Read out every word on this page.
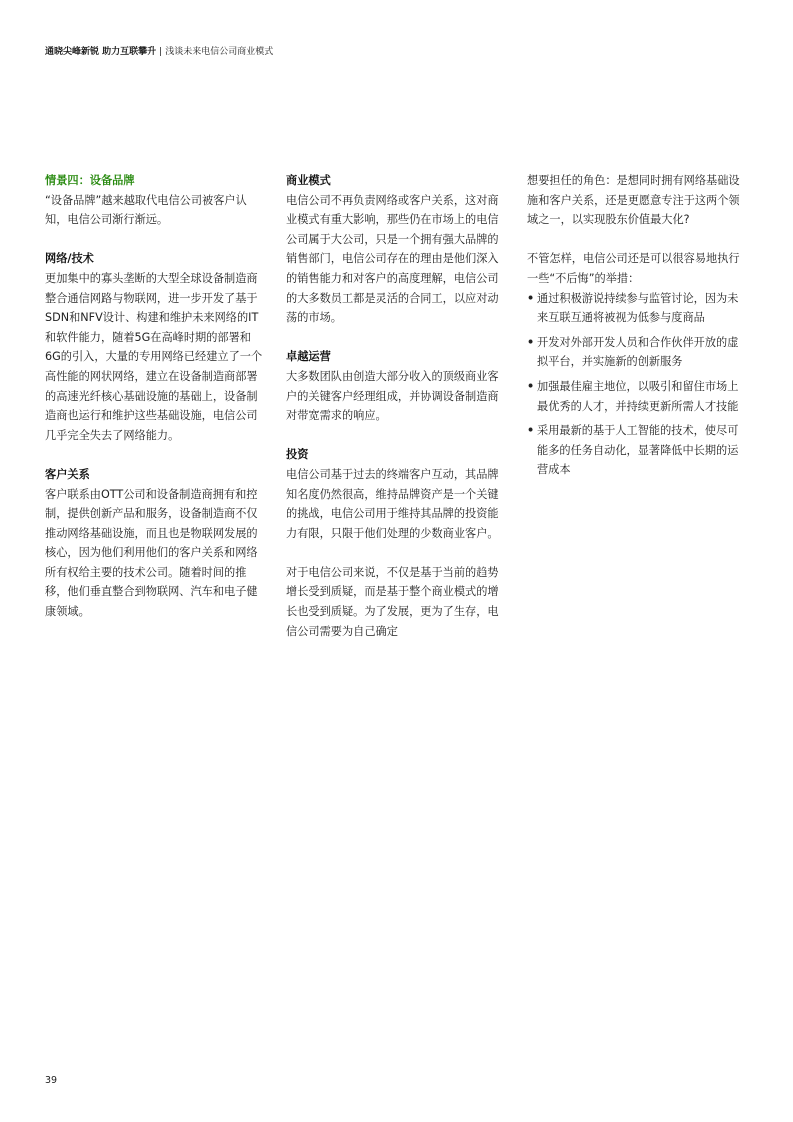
通晓尖峰新锐 助力互联攀升 | 浅谈未来电信公司商业模式

情景四：设备品牌

“设备品牌”越来越取代电信公司被客户认知，电信公司渐行渐远。

网络/技术

更加集中的寡头垄断的大型全球设备制造商整合通信网路与物联网，进一步开发了基于SDN和NFV设计、构建和维护未来网络的IT和软件能力，随着5G在高峰时期的部署和6G的引入，大量的专用网络已经建立了一个高性能的网状网络，建立在设备制造商部署的高速光纤核心基础设施的基础上，设备制造商也运行和维护这些基础设施，电信公司几乎完全失去了网络能力。

客户关系

客户联系由OTT公司和设备制造商拥有和控制，提供创新产品和服务，设备制造商不仅推动网络基础设施，而且也是物联网发展的核心，因为他们利用他们的客户关系和网络所有权给主要的技术公司。随着时间的推移，他们垂直整合到物联网、汽车和电子健康领域。

商业模式

电信公司不再负责网络或客户关系，这对商业模式有重大影响，那些仍在市场上的电信公司属于大公司，只是一个拥有强大品牌的销售部门，电信公司存在的理由是他们深入的销售能力和对客户的高度理解，电信公司的大多数员工都是灵活的合同工，以应对动荡的市场。

卓越运营

大多数团队由创造大部分收入的顶级商业客户的关键客户经理组成，并协调设备制造商对带宽需求的响应。

投资

电信公司基于过去的终端客户互动，其品牌知名度仍然很高，维持品牌资产是一个关键的挑战，电信公司用于维持其品牌的投资能力有限，只限于他们处理的少数商业客户。

对于电信公司来说，不仅是基于当前的趋势增长受到质疑，而是基于整个商业模式的增长也受到质疑。为了发展，更为了生存，电信公司需要为自己确定

想要担任的角色：是想同时拥有网络基础设施和客户关系，还是更愿意专注于这两个领域之一，以实现股东价值最大化?

不管怎样，电信公司还是可以很容易地执行一些“不后悔”的举措：

• 通过积极游说持续参与监管讨论，因为未来互联互通将被视为低参与度商品
• 开发对外部开发人员和合作伙伴开放的虚拟平台，并实施新的创新服务
• 加强最佳雇主地位，以吸引和留住市场上最优秀的人才，并持续更新所需人才技能
• 采用最新的基于人工智能的技术，使尽可能多的任务自动化，显著降低中长期的运营成本
39
